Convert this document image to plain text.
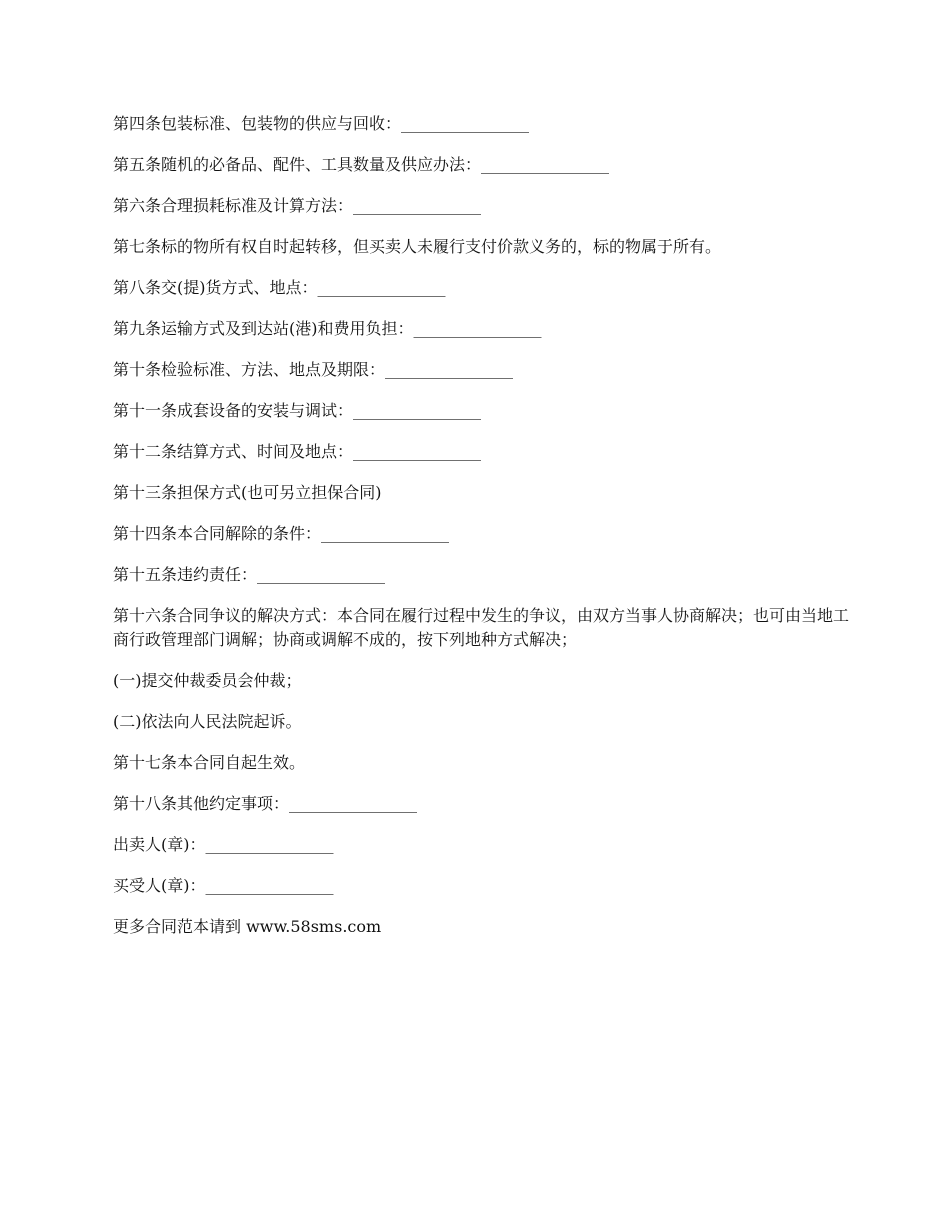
第四条包装标准、包装物的供应与回收：________________

第五条随机的必备品、配件、工具数量及供应办法：________________

第六条合理损耗标准及计算方法：________________

第七条标的物所有权自时起转移，但买卖人未履行支付价款义务的，标的物属于所有。

第八条交(提)货方式、地点：________________

第九条运输方式及到达站(港)和费用负担：________________

第十条检验标准、方法、地点及期限：________________

第十一条成套设备的安装与调试：________________

第十二条结算方式、时间及地点：________________

第十三条担保方式(也可另立担保合同)

第十四条本合同解除的条件：________________

第十五条违约责任：________________

第十六条合同争议的解决方式：本合同在履行过程中发生的争议，由双方当事人协商解决；也可由当地工商行政管理部门调解；协商或调解不成的，按下列地种方式解决；

(一)提交仲裁委员会仲裁；

(二)依法向人民法院起诉。

第十七条本合同自起生效。

第十八条其他约定事项：________________

出卖人(章)：________________

买受人(章)：________________

更多合同范本请到 www.58sms.com
